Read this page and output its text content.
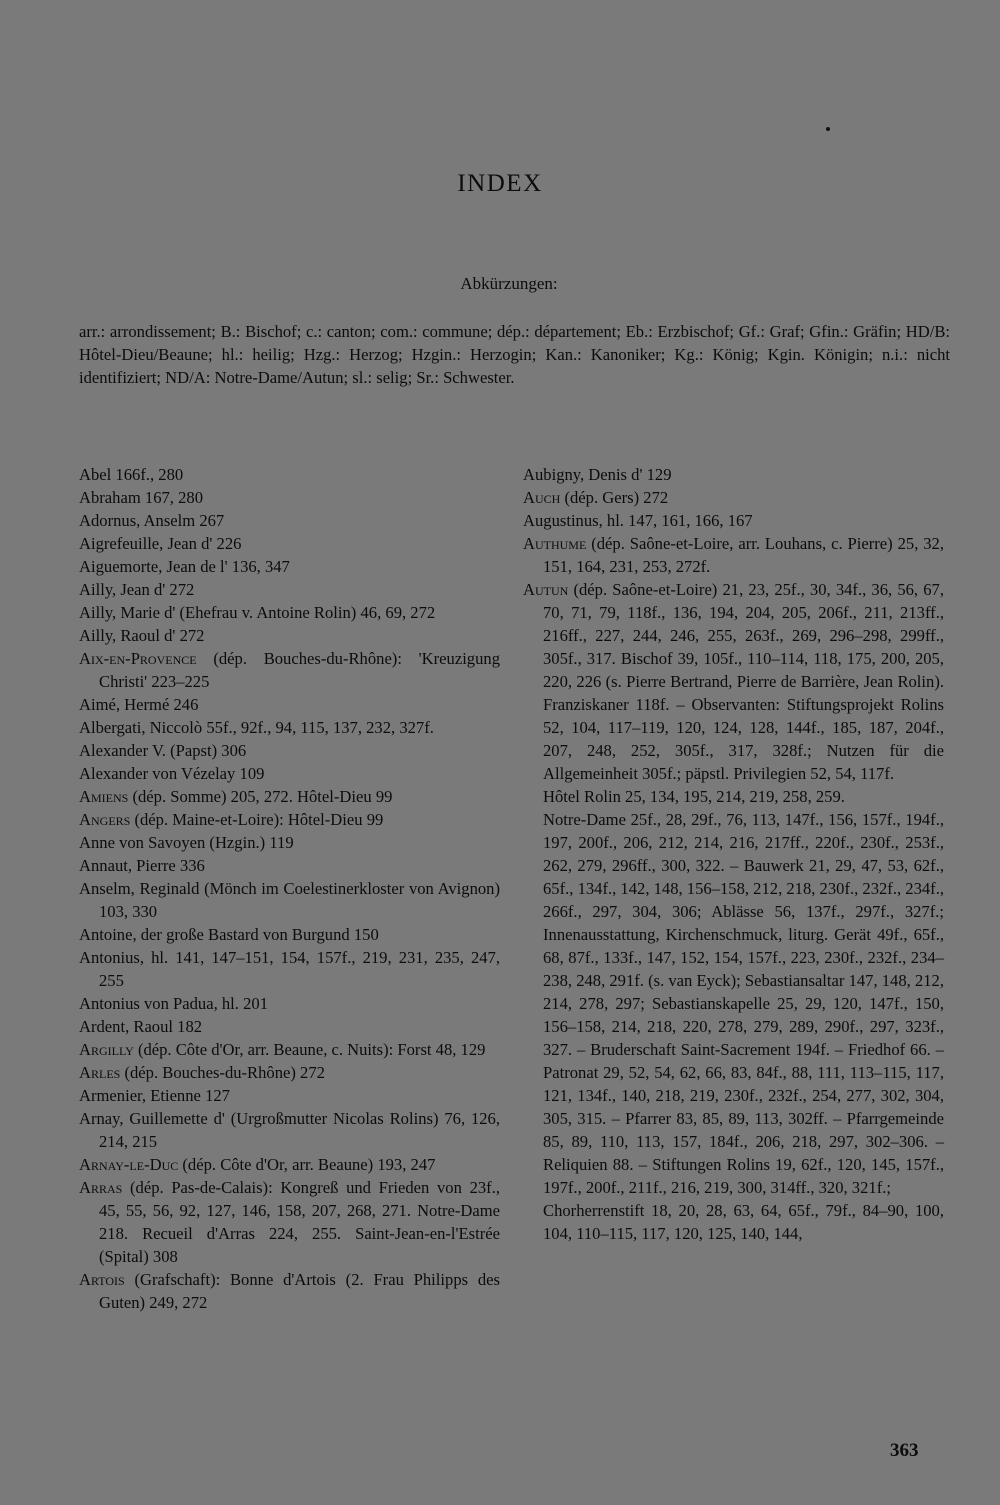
INDEX
Abkürzungen:
arr.: arrondissement; B.: Bischof; c.: canton; com.: commune; dép.: département; Eb.: Erzbischof; Gf.: Graf; Gfin.: Gräfin; HD/B: Hôtel-Dieu/Beaune; hl.: heilig; Hzg.: Herzog; Hzgin.: Herzogin; Kan.: Kanoniker; Kg.: König; Kgin. Königin; n.i.: nicht identifiziert; ND/A: Notre-Dame/Autun; sl.: selig; Sr.: Schwester.

Abel 166f., 280

Abraham 167, 280

Adornus, Anselm 267

Aigrefeuille, Jean d' 226

Aiguemorte, Jean de l' 136, 347

Ailly, Jean d' 272

Ailly, Marie d' (Ehefrau v. Antoine Rolin) 46, 69, 272

Ailly, Raoul d' 272

Aix-en-Provence (dép. Bouches-du-Rhône): 'Kreuzigung Christi' 223–225

Aimé, Hermé 246

Albergati, Niccolò 55f., 92f., 94, 115, 137, 232, 327f.

Alexander V. (Papst) 306

Alexander von Vézelay 109

Amiens (dép. Somme) 205, 272. Hôtel-Dieu 99

Angers (dép. Maine-et-Loire): Hôtel-Dieu 99

Anne von Savoyen (Hzgin.) 119

Annaut, Pierre 336

Anselm, Reginald (Mönch im Coelestinerkloster von Avignon) 103, 330

Antoine, der große Bastard von Burgund 150

Antonius, hl. 141, 147–151, 154, 157f., 219, 231, 235, 247, 255

Antonius von Padua, hl. 201

Ardent, Raoul 182

Argilly (dép. Côte d'Or, arr. Beaune, c. Nuits): Forst 48, 129

Arles (dép. Bouches-du-Rhône) 272

Armenier, Etienne 127

Arnay, Guillemette d' (Urgroßmutter Nicolas Rolins) 76, 126, 214, 215

Arnay-le-Duc (dép. Côte d'Or, arr. Beaune) 193, 247

Arras (dép. Pas-de-Calais): Kongreß und Frieden von 23f., 45, 55, 56, 92, 127, 146, 158, 207, 268, 271. Notre-Dame 218. Recueil d'Arras 224, 255. Saint-Jean-en-l'Estrée (Spital) 308

Artois (Grafschaft): Bonne d'Artois (2. Frau Philipps des Guten) 249, 272

Aubigny, Denis d' 129

Auch (dép. Gers) 272

Augustinus, hl. 147, 161, 166, 167

Authume (dép. Saône-et-Loire, arr. Louhans, c. Pierre) 25, 32, 151, 164, 231, 253, 272f.

Autun (dép. Saône-et-Loire) 21, 23, 25f., 30, 34f., 36, 56, 67, 70, 71, 79, 118f., 136, 194, 204, 205, 206f., 211, 213ff., 216ff., 227, 244, 246, 255, 263f., 269, 296–298, 299ff., 305f., 317. Bischof 39, 105f., 110–114, 118, 175, 200, 205, 220, 226 (s. Pierre Bertrand, Pierre de Barrière, Jean Rolin). Franziskaner 118f. – Observanten: Stiftungsprojekt Rolins 52, 104, 117–119, 120, 124, 128, 144f., 185, 187, 204f., 207, 248, 252, 305f., 317, 328f.; Nutzen für die Allgemeinheit 305f.; päpstl. Privilegien 52, 54, 117f.

Hôtel Rolin 25, 134, 195, 214, 219, 258, 259.

Notre-Dame 25f., 28, 29f., 76, 113, 147f., 156, 157f., 194f., 197, 200f., 206, 212, 214, 216, 217ff., 220f., 230f., 253f., 262, 279, 296ff., 300, 322. – Bauwerk 21, 29, 47, 53, 62f., 65f., 134f., 142, 148, 156–158, 212, 218, 230f., 232f., 234f., 266f., 297, 304, 306; Ablässe 56, 137f., 297f., 327f.; Innenausstattung, Kirchenschmuck, liturg. Gerät 49f., 65f., 68, 87f., 133f., 147, 152, 154, 157f., 223, 230f., 232f., 234–238, 248, 291f. (s. van Eyck); Sebastiansaltar 147, 148, 212, 214, 278, 297; Sebastianskapelle 25, 29, 120, 147f., 150, 156–158, 214, 218, 220, 278, 279, 289, 290f., 297, 323f., 327. – Bruderschaft Saint-Sacrement 194f. – Friedhof 66. – Patronat 29, 52, 54, 62, 66, 83, 84f., 88, 111, 113–115, 117, 121, 134f., 140, 218, 219, 230f., 232f., 254, 277, 302, 304, 305, 315. – Pfarrer 83, 85, 89, 113, 302ff. – Pfarrgemeinde 85, 89, 110, 113, 157, 184f., 206, 218, 297, 302–306. – Reliquien 88. – Stiftungen Rolins 19, 62f., 120, 145, 157f., 197f., 200f., 211f., 216, 219, 300, 314ff., 320, 321f.;

Chorherrenstift 18, 20, 28, 63, 64, 65f., 79f., 84–90, 100, 104, 110–115, 117, 120, 125, 140, 144,

363
